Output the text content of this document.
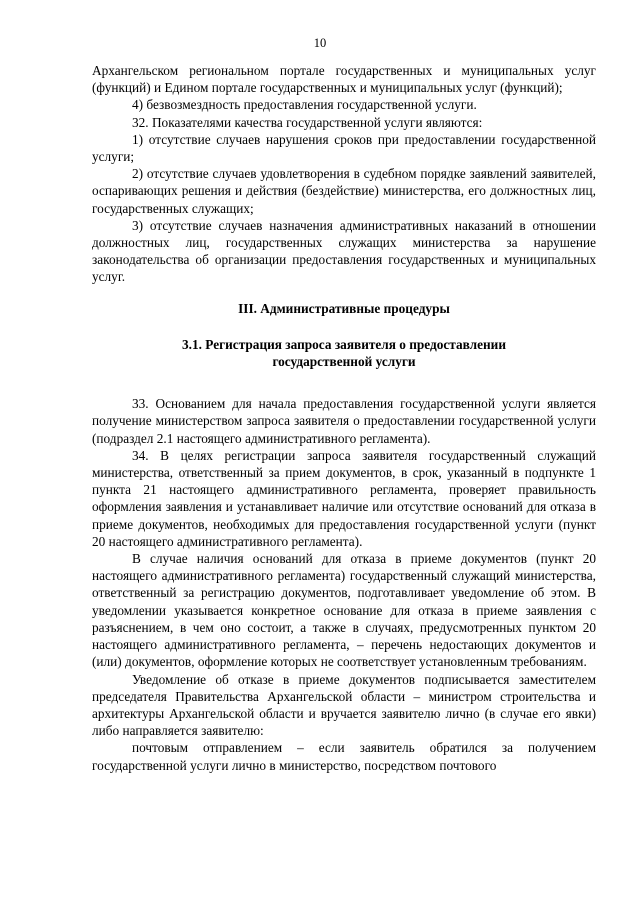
10

Архангельском региональном портале государственных и муниципальных услуг (функций) и Едином портале государственных и муниципальных услуг (функций);

4) безвозмездность предоставления государственной услуги.

32. Показателями качества государственной услуги являются:

1) отсутствие случаев нарушения сроков при предоставлении государственной услуги;

2) отсутствие случаев удовлетворения в судебном порядке заявлений заявителей, оспаривающих решения и действия (бездействие) министерства, его должностных лиц, государственных служащих;

3) отсутствие случаев назначения административных наказаний в отношении должностных лиц, государственных служащих министерства за нарушение законодательства об организации предоставления государственных и муниципальных услуг.

III. Административные процедуры
3.1. Регистрация запроса заявителя о предоставлении
государственной услуги

33. Основанием для начала предоставления государственной услуги является получение министерством запроса заявителя о предоставлении государственной услуги (подраздел 2.1 настоящего административного регламента).

34. В целях регистрации запроса заявителя государственный служащий министерства, ответственный за прием документов, в срок, указанный в подпункте 1 пункта 21 настоящего административного регламента, проверяет правильность оформления заявления и устанавливает наличие или отсутствие оснований для отказа в приеме документов, необходимых для предоставления государственной услуги (пункт 20 настоящего административного регламента).

В случае наличия оснований для отказа в приеме документов (пункт 20 настоящего административного регламента) государственный служащий министерства, ответственный за регистрацию документов, подготавливает уведомление об этом. В уведомлении указывается конкретное основание для отказа в приеме заявления с разъяснением, в чем оно состоит, а также в случаях, предусмотренных пунктом 20 настоящего административного регламента, – перечень недостающих документов и (или) документов, оформление которых не соответствует установленным требованиям.

Уведомление об отказе в приеме документов подписывается заместителем председателя Правительства Архангельской области – министром строительства и архитектуры Архангельской области и вручается заявителю лично (в случае его явки) либо направляется заявителю:

почтовым отправлением – если заявитель обратился за получением государственной услуги лично в министерство, посредством почтового
